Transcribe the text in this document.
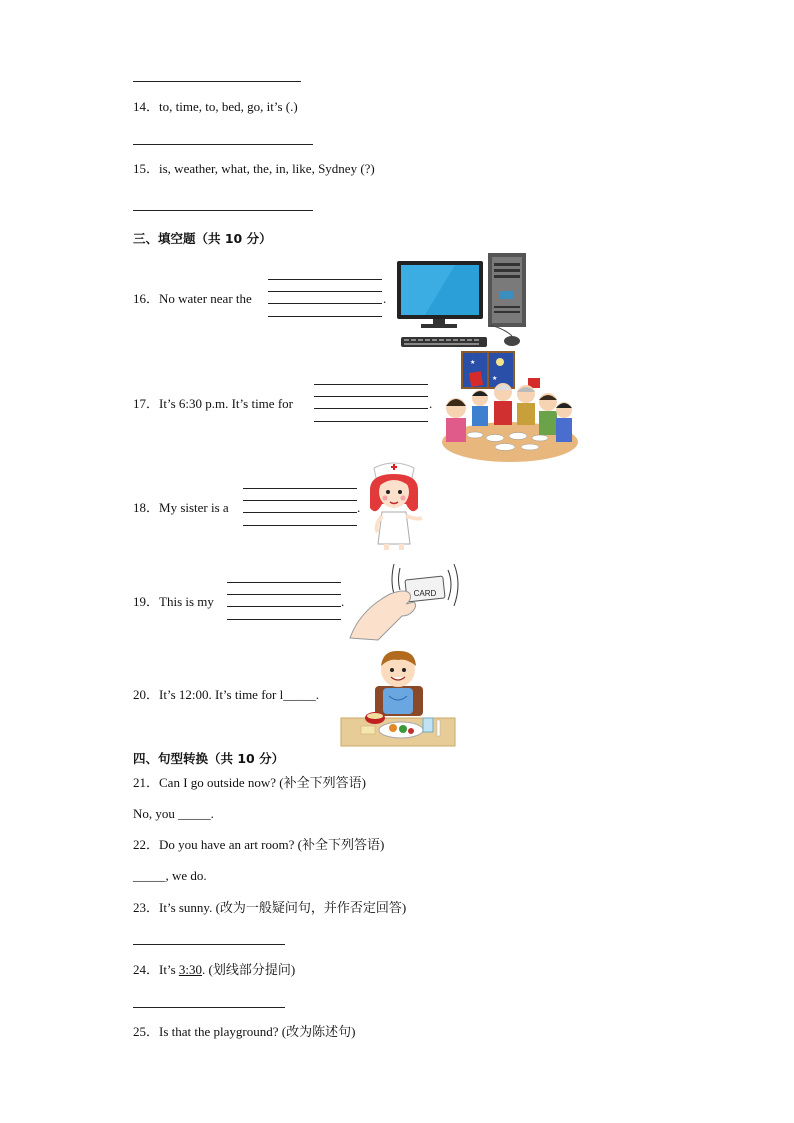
14．to, time, to, bed, go, it’s (.)
15．is, weather, what, the, in, like, Sydney (?)
三、填空题（共 10 分）
16．No water near the	.
17．It’s 6:30 p.m. It’s time for	.
★
★
18．My sister is a	.
19．This is my	.
CARD
20．It’s 12:00. It’s time for l_____.
四、句型转换（共 10 分）
21．Can I go outside now? (补全下列答语)
No, you _____.
22．Do you have an art room? (补全下列答语)
_____, we do.
23．It’s sunny. (改为一般疑问句，并作否定回答)
24．It’s 3:30. (划线部分提问)
25．Is that the playground? (改为陈述句)
